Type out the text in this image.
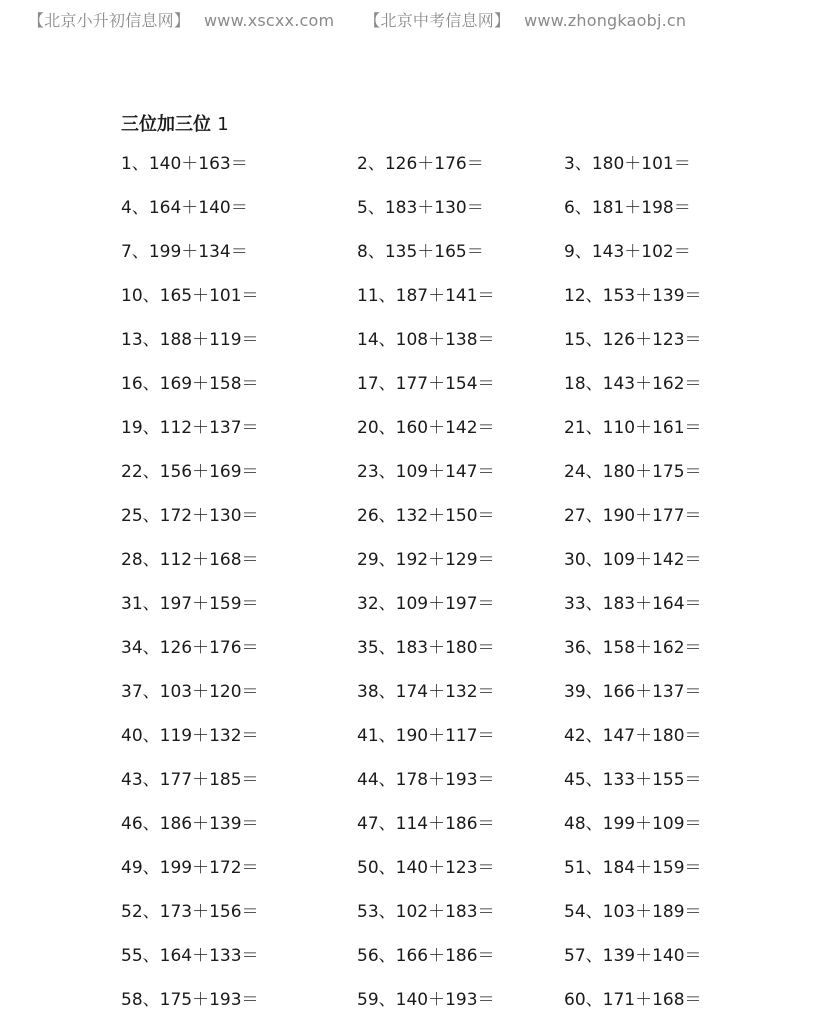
【北京小升初信息网】 www.xscxx.com 【北京中考信息网】 www.zhongkaobj.cn
三位加三位 1
1、140＋163＝	2、126＋176＝	3、180＋101＝
4、164＋140＝	5、183＋130＝	6、181＋198＝
7、199＋134＝	8、135＋165＝	9、143＋102＝
10、165＋101＝	11、187＋141＝	12、153＋139＝
13、188＋119＝	14、108＋138＝	15、126＋123＝
16、169＋158＝	17、177＋154＝	18、143＋162＝
19、112＋137＝	20、160＋142＝	21、110＋161＝
22、156＋169＝	23、109＋147＝	24、180＋175＝
25、172＋130＝	26、132＋150＝	27、190＋177＝
28、112＋168＝	29、192＋129＝	30、109＋142＝
31、197＋159＝	32、109＋197＝	33、183＋164＝
34、126＋176＝	35、183＋180＝	36、158＋162＝
37、103＋120＝	38、174＋132＝	39、166＋137＝
40、119＋132＝	41、190＋117＝	42、147＋180＝
43、177＋185＝	44、178＋193＝	45、133＋155＝
46、186＋139＝	47、114＋186＝	48、199＋109＝
49、199＋172＝	50、140＋123＝	51、184＋159＝
52、173＋156＝	53、102＋183＝	54、103＋189＝
55、164＋133＝	56、166＋186＝	57、139＋140＝
58、175＋193＝	59、140＋193＝	60、171＋168＝
